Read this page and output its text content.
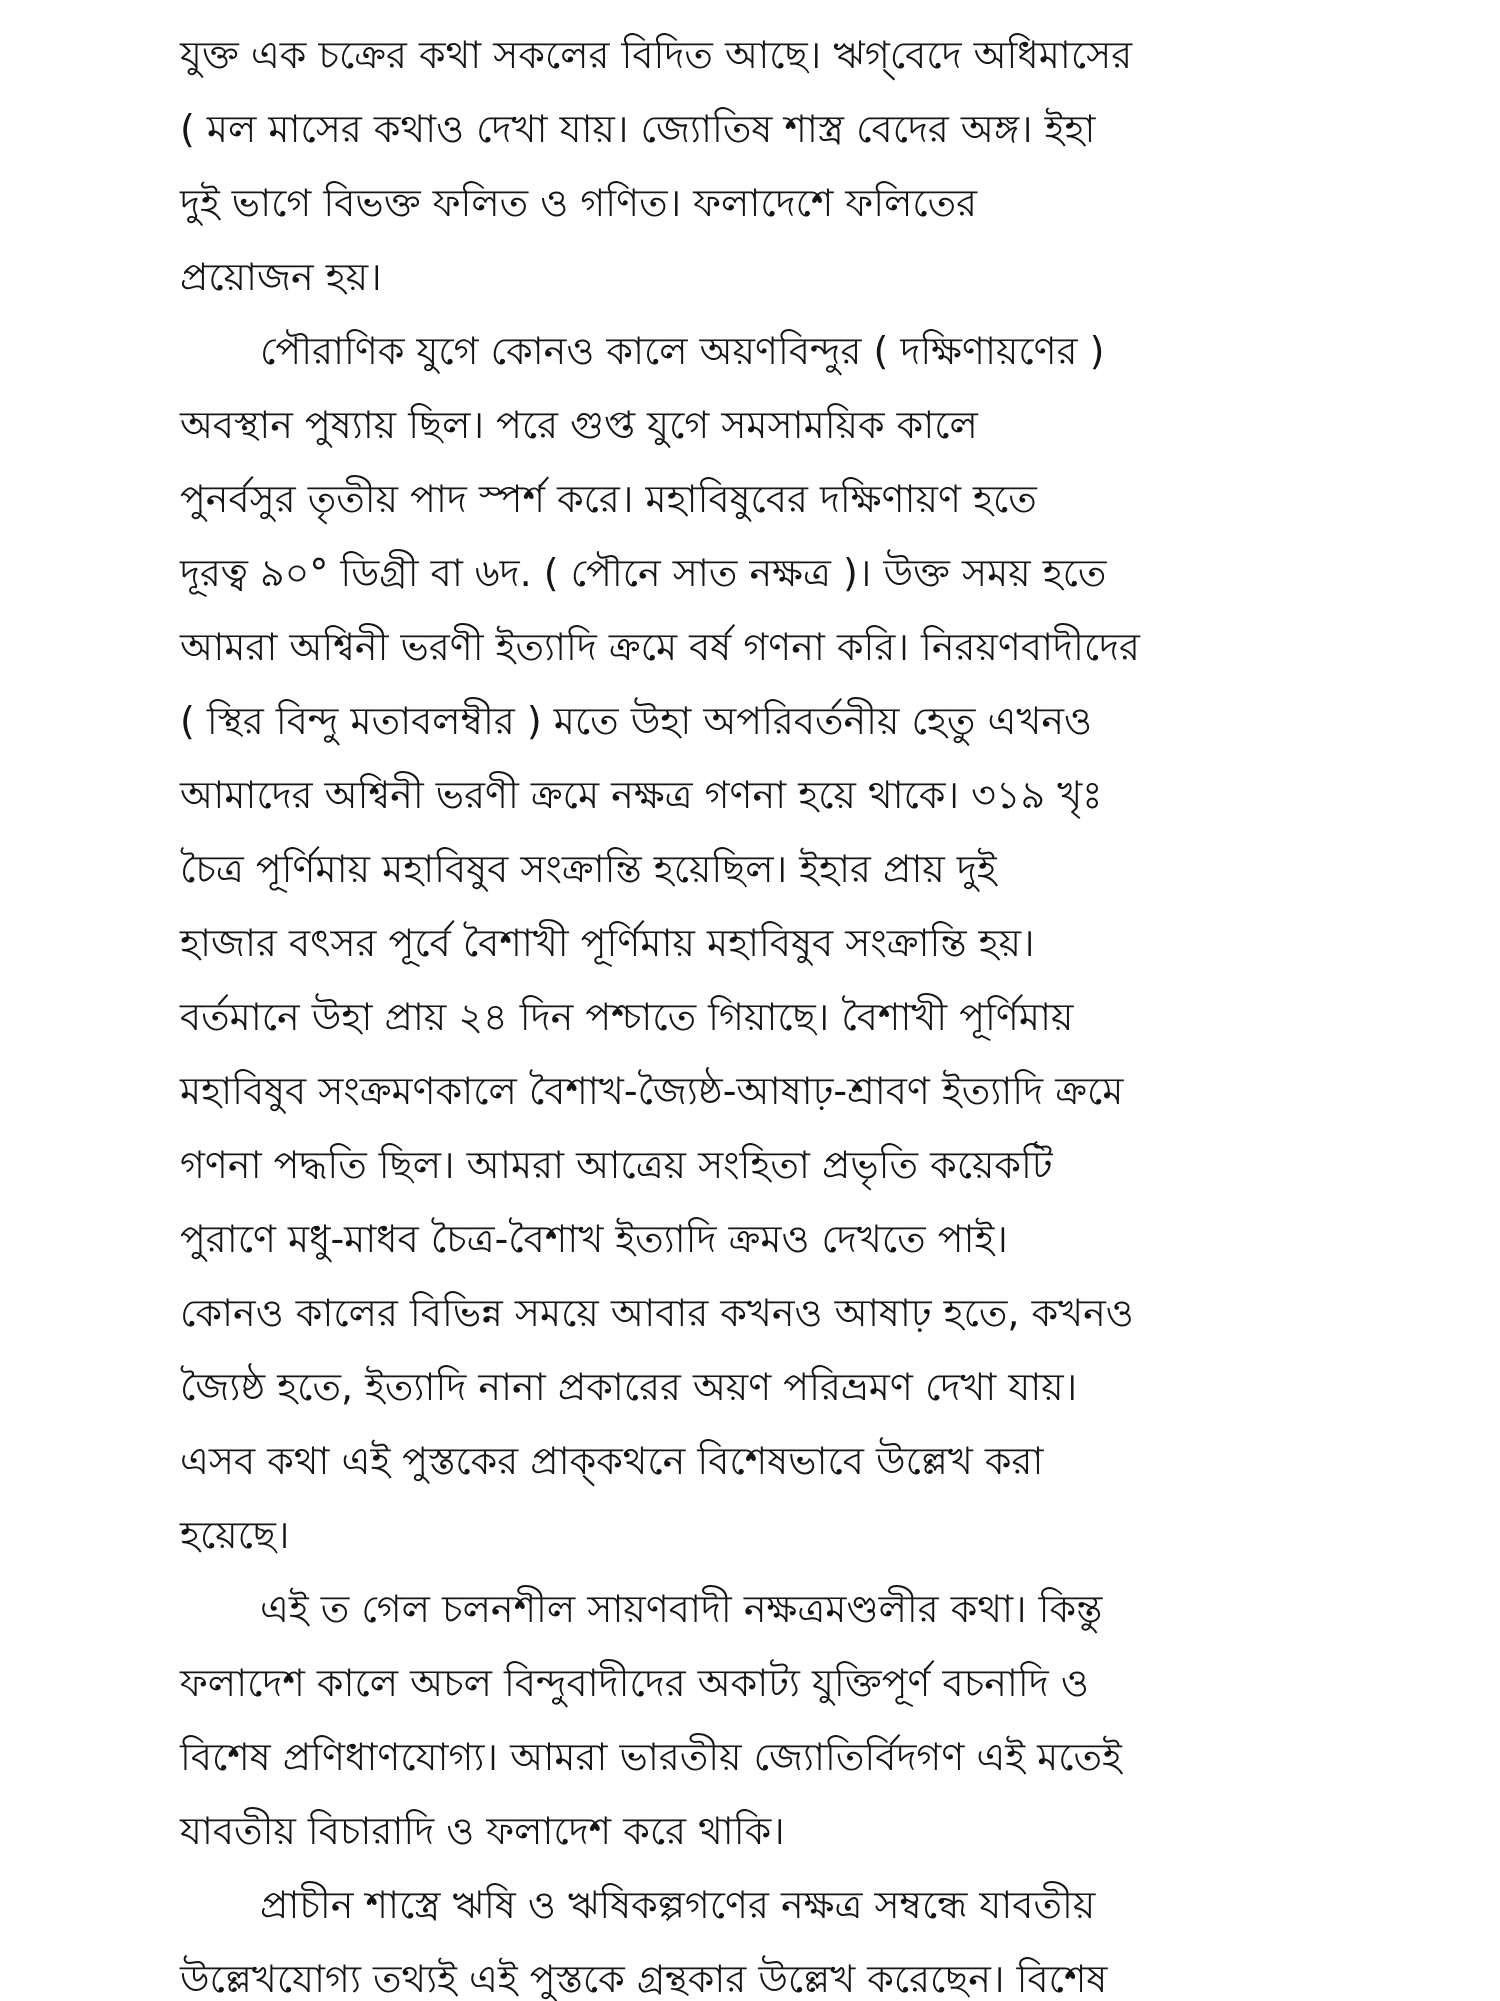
যুক্ত এক চক্রের কথা সকলের বিদিত আছে। ঋগ্‌বেদে অধিমাসের
( মল মাসের কথাও দেখা যায়। জ্যোতিষ শাস্ত্র বেদের অঙ্গ। ইহা
দুই ভাগে বিভক্ত ফলিত ও গণিত। ফলাদেশে ফলিতের
প্রয়োজন হয়।
পৌরাণিক যুগে কোনও কালে অয়ণবিন্দুর ( দক্ষিণায়ণের )
অবস্থান পুষ্যায় ছিল। পরে গুপ্ত যুগে সমসাময়িক কালে
পুনর্বসুর তৃতীয় পাদ স্পর্শ করে। মহাবিষুবের দক্ষিণায়ণ হতে
দূরত্ব ৯০° ডিগ্রী বা ৬দ. ( পৌনে সাত নক্ষত্র )। উক্ত সময় হতে
আমরা অশ্বিনী ভরণী ইত্যাদি ক্রমে বর্ষ গণনা করি। নিরয়ণবাদীদের
( স্থির বিন্দু মতাবলম্বীর ) মতে উহা অপরিবর্তনীয় হেতু এখনও
আমাদের অশ্বিনী ভরণী ক্রমে নক্ষত্র গণনা হয়ে থাকে। ৩১৯ খৃঃ
চৈত্র পূর্ণিমায় মহাবিষুব সংক্রান্তি হয়েছিল। ইহার প্রায় দুই
হাজার বৎসর পূর্বে বৈশাখী পূর্ণিমায় মহাবিষুব সংক্রান্তি হয়।
বর্তমানে উহা প্রায় ২৪ দিন পশ্চাতে গিয়াছে। বৈশাখী পূর্ণিমায়
মহাবিষুব সংক্রমণকালে বৈশাখ-জ্যৈষ্ঠ-আষাঢ়-শ্রাবণ ইত্যাদি ক্রমে
গণনা পদ্ধতি ছিল। আমরা আত্রেয় সংহিতা প্রভৃতি কয়েকটি
পুরাণে মধু-মাধব চৈত্র-বৈশাখ ইত্যাদি ক্রমও দেখতে পাই।
কোনও কালের বিভিন্ন সময়ে আবার কখনও আষাঢ় হতে, কখনও
জ্যৈষ্ঠ হতে, ইত্যাদি নানা প্রকারের অয়ণ পরিভ্রমণ দেখা যায়।
এসব কথা এই পুস্তকের প্রাক্‌কথনে বিশেষভাবে উল্লেখ করা
হয়েছে।
এই ত গেল চলনশীল সায়ণবাদী নক্ষত্রমণ্ডলীর কথা। কিন্তু
ফলাদেশ কালে অচল বিন্দুবাদীদের অকাট্য যুক্তিপূর্ণ বচনাদি ও
বিশেষ প্রণিধাণযোগ্য। আমরা ভারতীয় জ্যোতির্বিদগণ এই মতেই
যাবতীয় বিচারাদি ও ফলাদেশ করে থাকি।
প্রাচীন শাস্ত্রে ঋষি ও ঋষিকল্পগণের নক্ষত্র সম্বন্ধে যাবতীয়
উল্লেখযোগ্য তথ্যই এই পুস্তকে গ্রন্থকার উল্লেখ করেছেন। বিশেষ
